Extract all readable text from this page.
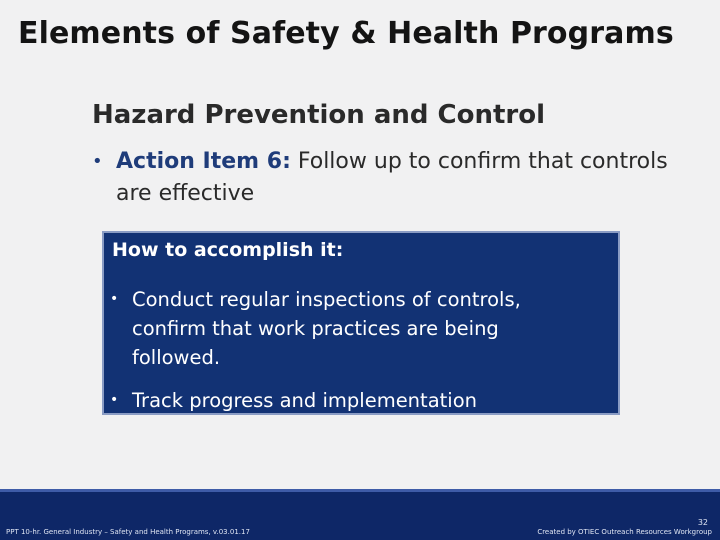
Elements of Safety & Health Programs
Hazard Prevention and Control
• Action Item 6: Follow up to confirm that controls are effective
How to accomplish it:
• Conduct regular inspections of controls, confirm that work practices are being followed.
• Track progress and implementation
PPT 10-hr. General Industry – Safety and Health Programs, v.03.01.17
32
Created by OTIEC Outreach Resources Workgroup
